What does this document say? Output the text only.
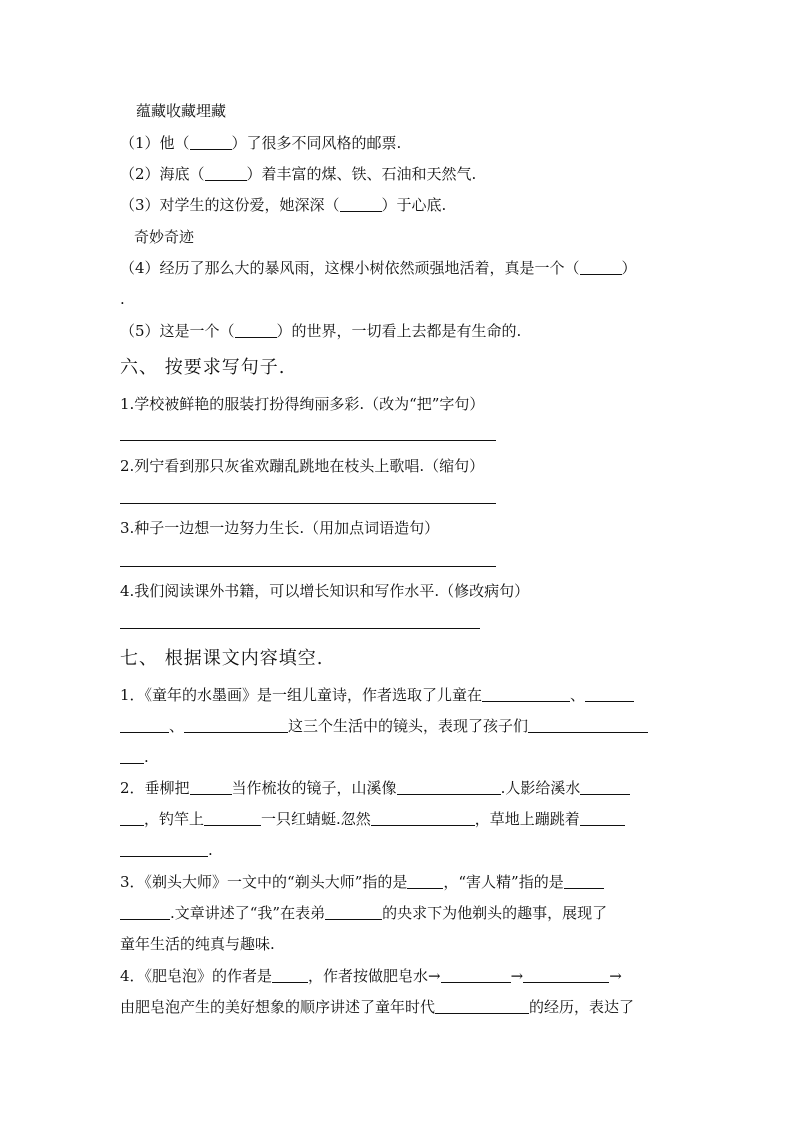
蕴藏收藏埋藏
（1）他（	）了很多不同风格的邮票.
（2）海底（	）着丰富的煤、铁、石油和天然气.
（3）对学生的这份爱，她深深（	）于心底.
奇妙奇迹
（4）经历了那么大的暴风雨，这棵小树依然顽强地活着，真是一个（	）
.
（5）这是一个（	）的世界，一切看上去都是有生命的.
六、 按要求写句子.
1.学校被鲜艳的服装打扮得绚丽多彩.（改为“把”字句）
2.列宁看到那只灰雀欢蹦乱跳地在枝头上歌唱.（缩句）
3.种子一边想一边努力生长.（用加点词语造句）
4.我们阅读课外书籍，可以增长知识和写作水平.（修改病句）
七、 根据课文内容填空.
1．《童年的水墨画》是一组儿童诗，作者选取了儿童在	、
、	这三个生活中的镜头，表现了孩子们
.
2．垂柳把	当作梳妆的镜子，山溪像	.人影给溪水
，钓竿上	一只红蜻蜓.忽然	，草地上蹦跳着
.
3．《剃头大师》一文中的“剃头大师”指的是 ，“害人精”指的是
.文章讲述了“我”在表弟	的央求下为他剃头的趣事，展现了
童年生活的纯真与趣味.
4．《肥皂泡》的作者是 ，作者按做肥皂水→	→	→
由肥皂泡产生的美好想象的顺序讲述了童年时代	的经历，表达了
